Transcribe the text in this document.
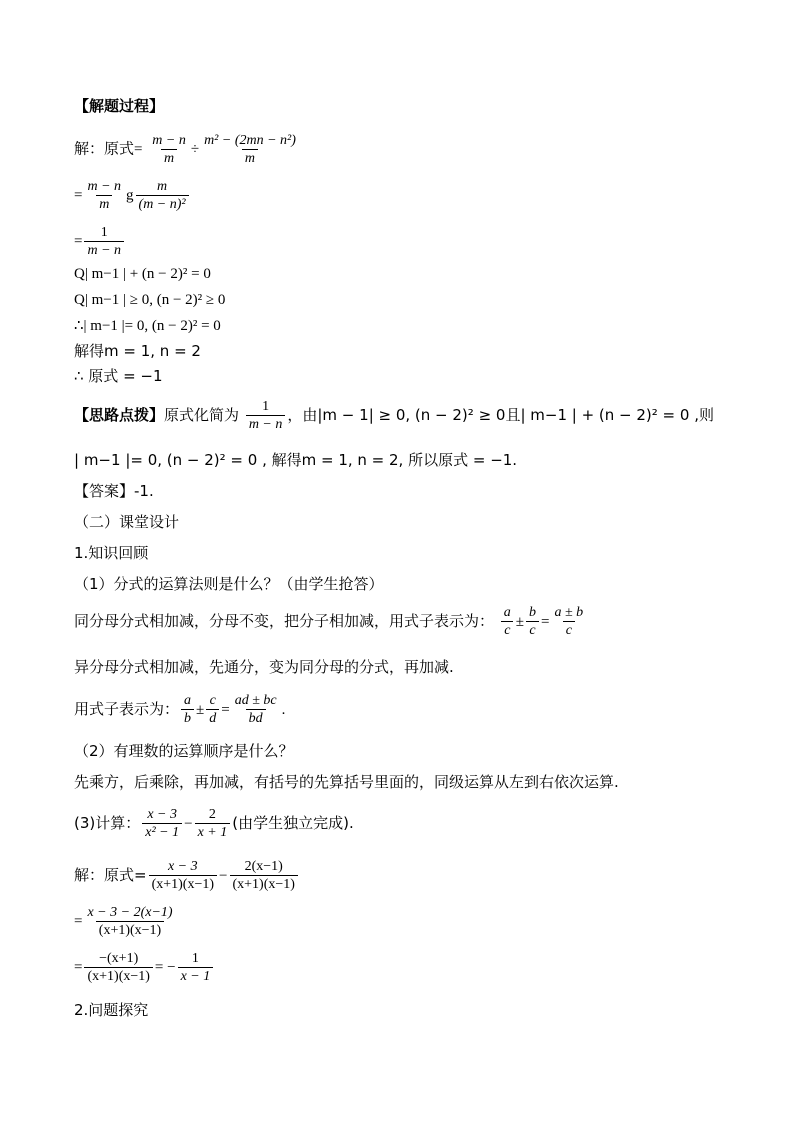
【解题过程】
解：原式= $\frac{m - n}{m} \div \frac{\text{m² − (2mn − n²)}}{m}$
= $\frac{m - n}{m}$ g $\frac{m}{\text{(m − n)²}}$
= $\frac{1}{m - n}$
Q| m−1 | + (n − 2)² = 0
Q| m−1 | ≥ 0, (n − 2)² ≥ 0
∴| m−1 |= 0, (n − 2)² = 0
解得m = 1, n = 2
∴ 原式 = −1
【思路点拨】原式化简为 $\frac{1}{m - n}$ ，由|m − 1| ≥ 0, (n − 2)² ≥ 0且| m−1 | + (n − 2)² = 0 ,则
| m−1 |= 0, (n − 2)² = 0 , 解得m = 1, n = 2, 所以原式 = −1.
【答案】-1.
（二）课堂设计
1.知识回顾
（1）分式的运算法则是什么？（由学生抢答）
同分母分式相加减，分母不变，把分子相加减，用式子表示为： $\frac{a}{c} \pm \frac{b}{c} = \frac{a \pm b}{c}$
异分母分式相加减，先通分，变为同分母的分式，再加减.
用式子表示为： $\frac{a}{b} \pm \frac{c}{d} = \frac{ad \pm bc}{bd}$ .
（2）有理数的运算顺序是什么？
先乘方，后乘除，再加减，有括号的先算括号里面的，同级运算从左到右依次运算.
(3)计算： $\frac{x - 3}{\text{x² − 1}} - \frac{2}{x + 1}$ (由学生独立完成).
解：原式= $\frac{x - 3}{(x+1)(x-1)} - \frac{2(x-1)}{(x+1)(x-1)}$
= $\frac{x - 3 - 2(x-1)}{(x+1)(x-1)}$
= $\frac{-(x+1)}{(x+1)(x-1)}$ = − $\frac{1}{x - 1}$
2.问题探究
